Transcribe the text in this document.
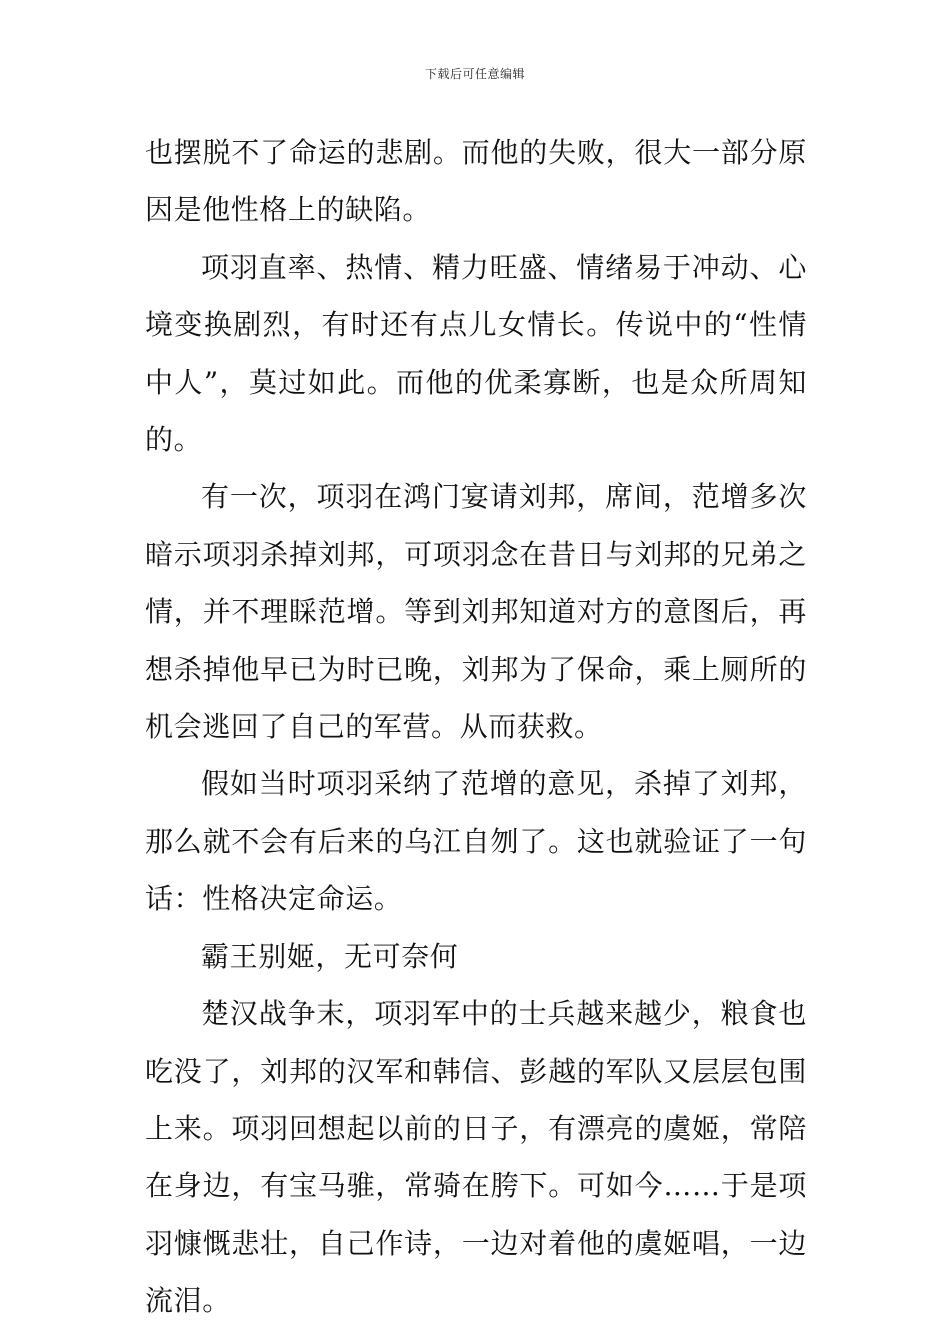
下载后可任意编辑

也摆脱不了命运的悲剧。而他的失败，很大一部分原因是他性格上的缺陷。

项羽直率、热情、精力旺盛、情绪易于冲动、心境变换剧烈，有时还有点儿女情长。传说中的“性情中人”，莫过如此。而他的优柔寡断，也是众所周知的。

有一次，项羽在鸿门宴请刘邦，席间，范增多次暗示项羽杀掉刘邦，可项羽念在昔日与刘邦的兄弟之情，并不理睬范增。等到刘邦知道对方的意图后，再想杀掉他早已为时已晚，刘邦为了保命，乘上厕所的机会逃回了自己的军营。从而获救。

假如当时项羽采纳了范增的意见，杀掉了刘邦，那么就不会有后来的乌江自刎了。这也就验证了一句话：性格决定命运。

霸王别姬，无可奈何

楚汉战争末，项羽军中的士兵越来越少，粮食也吃没了，刘邦的汉军和韩信、彭越的军队又层层包围上来。项羽回想起以前的日子，有漂亮的虞姬，常陪在身边，有宝马骓，常骑在胯下。可如今……于是项羽慷慨悲壮，自己作诗，一边对着他的虞姬唱，一边流泪。
